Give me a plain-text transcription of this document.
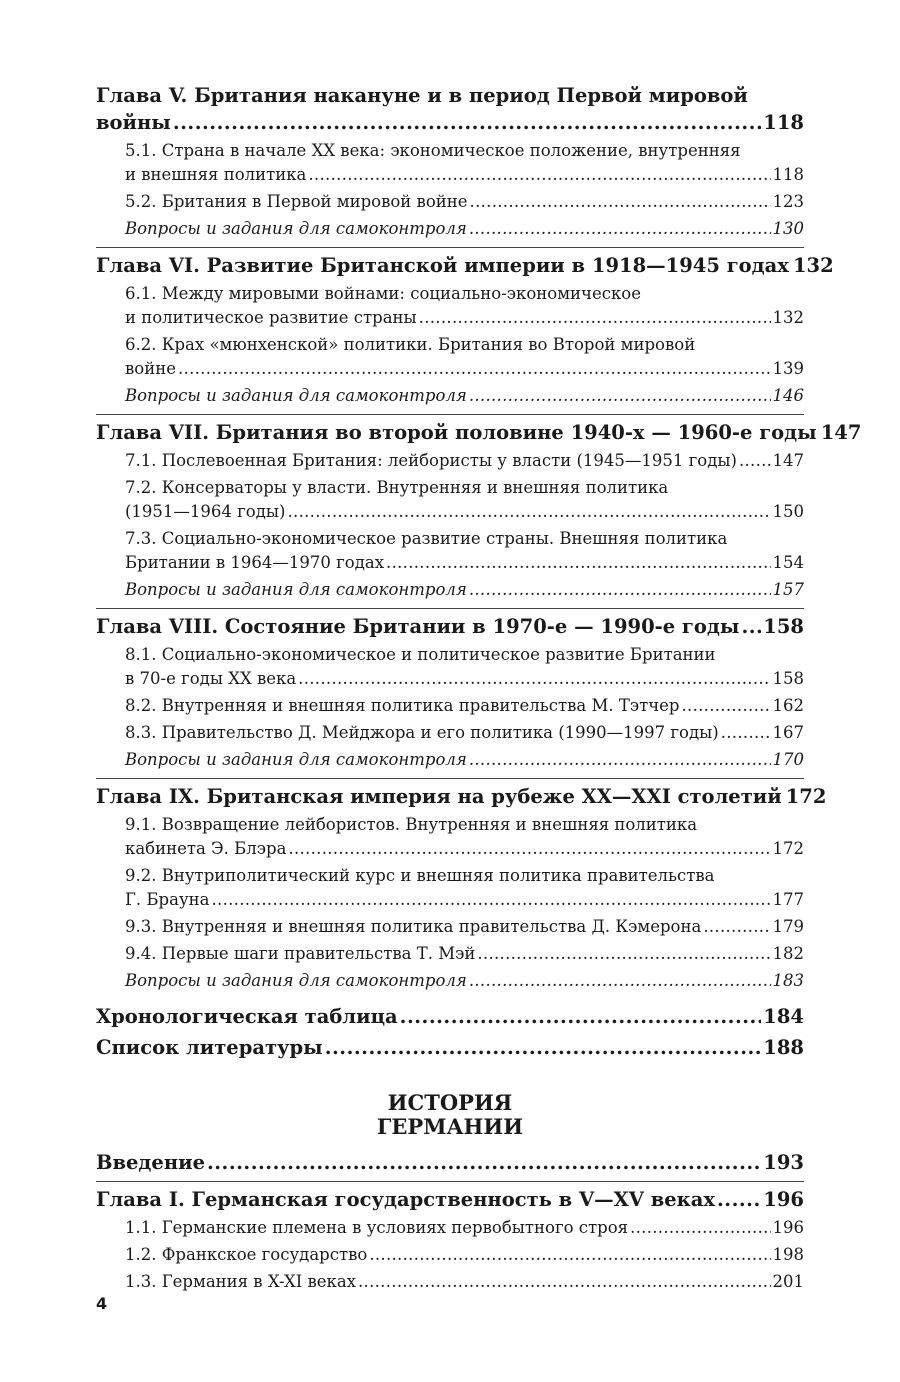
Глава V. Британия накануне и в период Первой мировой
войны .....	118
5.1. Страна в начале XX века: экономическое положение, внутренняя
и внешняя политика .....	118
5.2. Британия в Первой мировой войне .....	123
Вопросы и задания для самоконтроля .....	130
Глава VI. Развитие Британской империи в 1918—1945 годах 132
6.1. Между мировыми войнами: социально-экономическое
и политическое развитие страны .....	132
6.2. Крах «мюнхенской» политики. Британия во Второй мировой
войне .....	139
Вопросы и задания для самоконтроля .....	146
Глава VII. Британия во второй половине 1940-х — 1960-е годы 147
7.1. Послевоенная Британия: лейбористы у власти (1945—1951 годы) ..... 147
7.2. Консерваторы у власти. Внутренняя и внешняя политика
(1951—1964 годы) .....	150
7.3. Социально-экономическое развитие страны. Внешняя политика
Британии в 1964—1970 годах .....	154
Вопросы и задания для самоконтроля .....	157
Глава VIII. Состояние Британии в 1970-е — 1990-е годы ..... 158
8.1. Социально-экономическое и политическое развитие Британии
в 70-е годы XX века .....	158
8.2. Внутренняя и внешняя политика правительства М. Тэтчер .....	162
8.3. Правительство Д. Мейджора и его политика (1990—1997 годы) .....	167
Вопросы и задания для самоконтроля .....	170
Глава IX. Британская империя на рубеже XX—XXI столетий 172
9.1. Возвращение лейбористов. Внутренняя и внешняя политика
кабинета Э. Блэра .....	172
9.2. Внутриполитический курс и внешняя политика правительства
Г. Брауна .....	177
9.3. Внутренняя и внешняя политика правительства Д. Кэмерона .....	179
9.4. Первые шаги правительства Т. Мэй .....	182
Вопросы и задания для самоконтроля .....	183
Хронологическая таблица .....	184
Список литературы .....	188
ИСТОРИЯ
ГЕРМАНИИ
Введение .....	193
Глава I. Германская государственность в V—XV веках ..... 196
1.1. Германские племена в условиях первобытного строя .....	196
1.2. Франкское государство .....	198
1.3. Германия в X-XI веках .....	201
4
